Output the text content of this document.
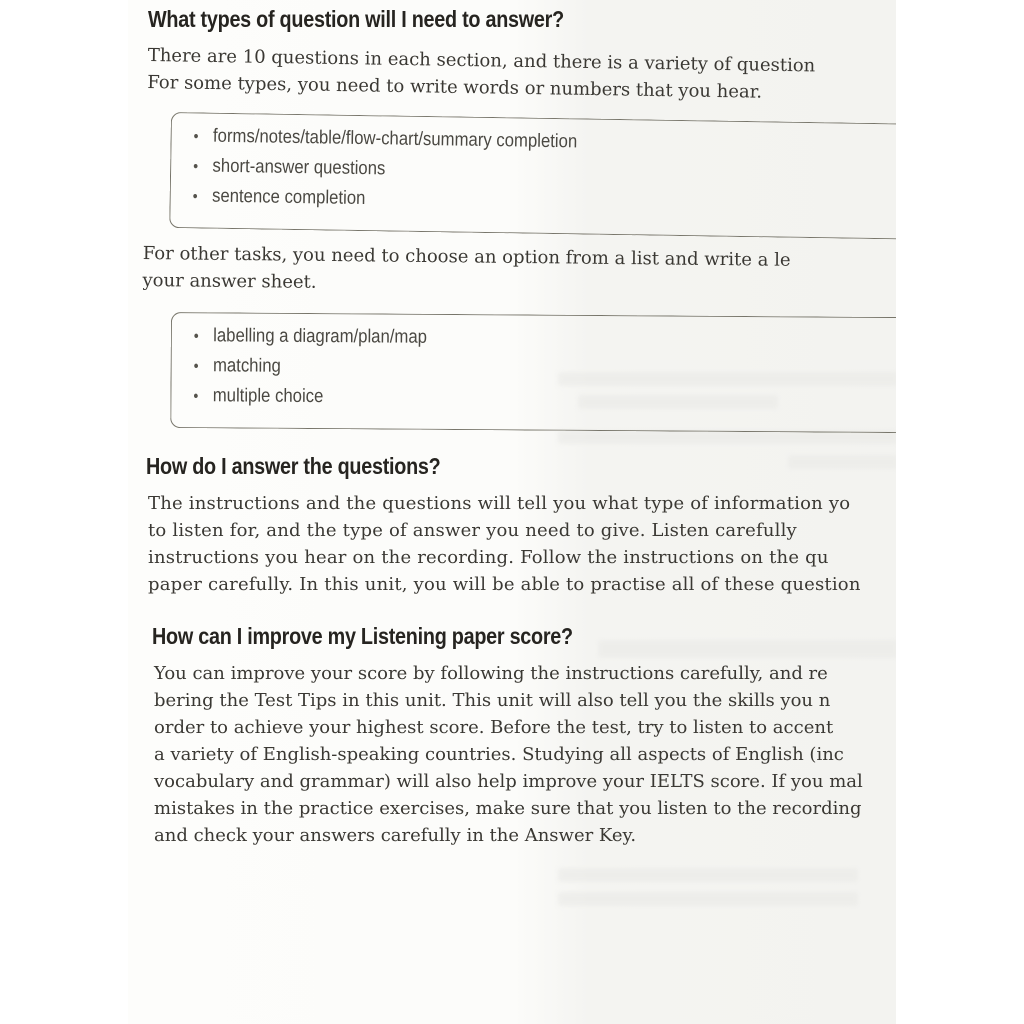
What types of question will I need to answer?
There are 10 questions in each section, and there is a variety of question
For some types, you need to write words or numbers that you hear.
• forms/notes/table/flow-chart/summary completion
• short-answer questions
• sentence completion
For other tasks, you need to choose an option from a list and write a le
your answer sheet.
• labelling a diagram/plan/map
• matching
• multiple choice
How do I answer the questions?
The instructions and the questions will tell you what type of information yo
to listen for, and the type of answer you need to give. Listen carefully
instructions you hear on the recording. Follow the instructions on the qu
paper carefully. In this unit, you will be able to practise all of these question
How can I improve my Listening paper score?
You can improve your score by following the instructions carefully, and re
bering the Test Tips in this unit. This unit will also tell you the skills you n
order to achieve your highest score. Before the test, try to listen to accent
a variety of English-speaking countries. Studying all aspects of English (inc
vocabulary and grammar) will also help improve your IELTS score. If you mal
mistakes in the practice exercises, make sure that you listen to the recording
and check your answers carefully in the Answer Key.
